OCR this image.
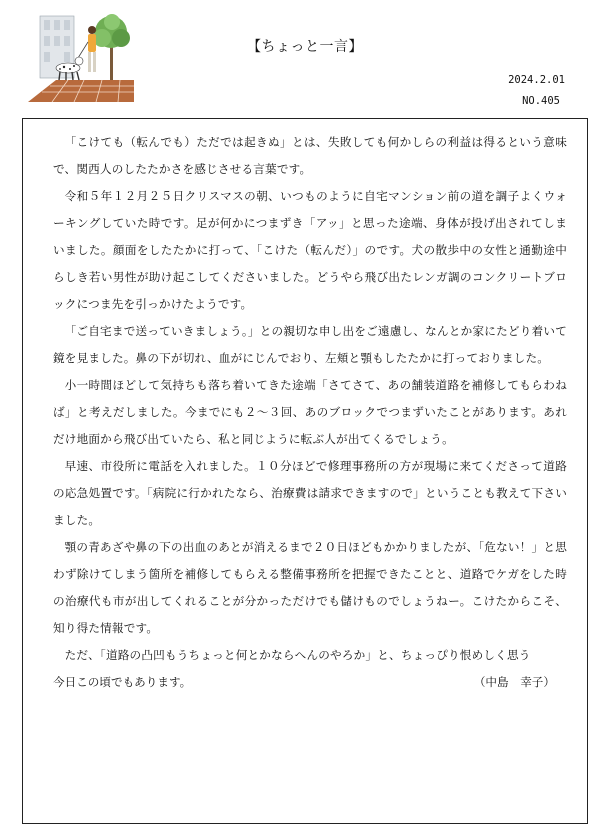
【ちょっと一言】
2024.2.01
NO.405

「こけても（転んでも）ただでは起きぬ」とは、失敗しても何かしらの利益は得るという意味で、関西人のしたたかさを感じさせる言葉です。

令和５年１２月２５日クリスマスの朝、いつものように自宅マンション前の道を調子よくウォーキングしていた時です。足が何かにつまずき「アッ」と思った途端、身体が投げ出されてしまいました。顔面をしたたかに打って、「こけた（転んだ）」のです。犬の散歩中の女性と通勤途中らしき若い男性が助け起こしてくださいました。どうやら飛び出たレンガ調のコンクリートブロックにつま先を引っかけたようです。

「ご自宅まで送っていきましょう。」との親切な申し出をご遠慮し、なんとか家にたどり着いて鏡を見ました。鼻の下が切れ、血がにじんでおり、左頬と顎もしたたかに打っておりました。

小一時間ほどして気持ちも落ち着いてきた途端「さてさて、あの舗装道路を補修してもらわねば」と考えだしました。今までにも２〜３回、あのブロックでつまずいたことがあります。あれだけ地面から飛び出ていたら、私と同じように転ぶ人が出てくるでしょう。

早速、市役所に電話を入れました。１０分ほどで修理事務所の方が現場に来てくださって道路の応急処置です。「病院に行かれたなら、治療費は請求できますので」ということも教えて下さいました。

顎の青あざや鼻の下の出血のあとが消えるまで２０日ほどもかかりましたが、「危ない！」と思わず除けてしまう箇所を補修してもらえる整備事務所を把握できたことと、道路でケガをした時の治療代も市が出してくれることが分かっただけでも儲けものでしょうねー。こけたからこそ、知り得た情報です。

ただ、「道路の凸凹もうちょっと何とかならへんのやろか」と、ちょっぴり恨めしく思う

今日この頃でもあります。	（中島　幸子）
